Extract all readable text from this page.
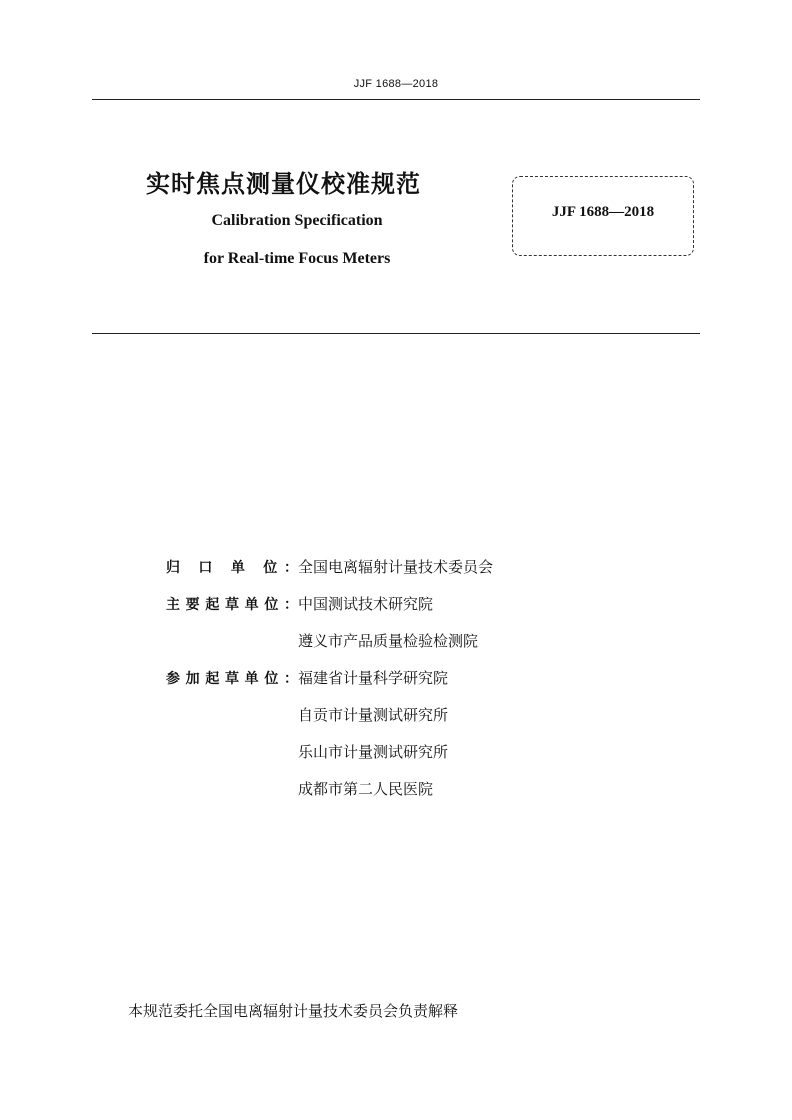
JJF 1688—2018
实时焦点测量仪校准规范
Calibration Specification
for Real-time Focus Meters
JJF 1688—2018
归 口 单 位： 全国电离辐射计量技术委员会
主要起草单位： 中国测试技术研究院
遵义市产品质量检验检测院
参加起草单位： 福建省计量科学研究院
自贡市计量测试研究所
乐山市计量测试研究所
成都市第二人民医院
本规范委托全国电离辐射计量技术委员会负责解释
